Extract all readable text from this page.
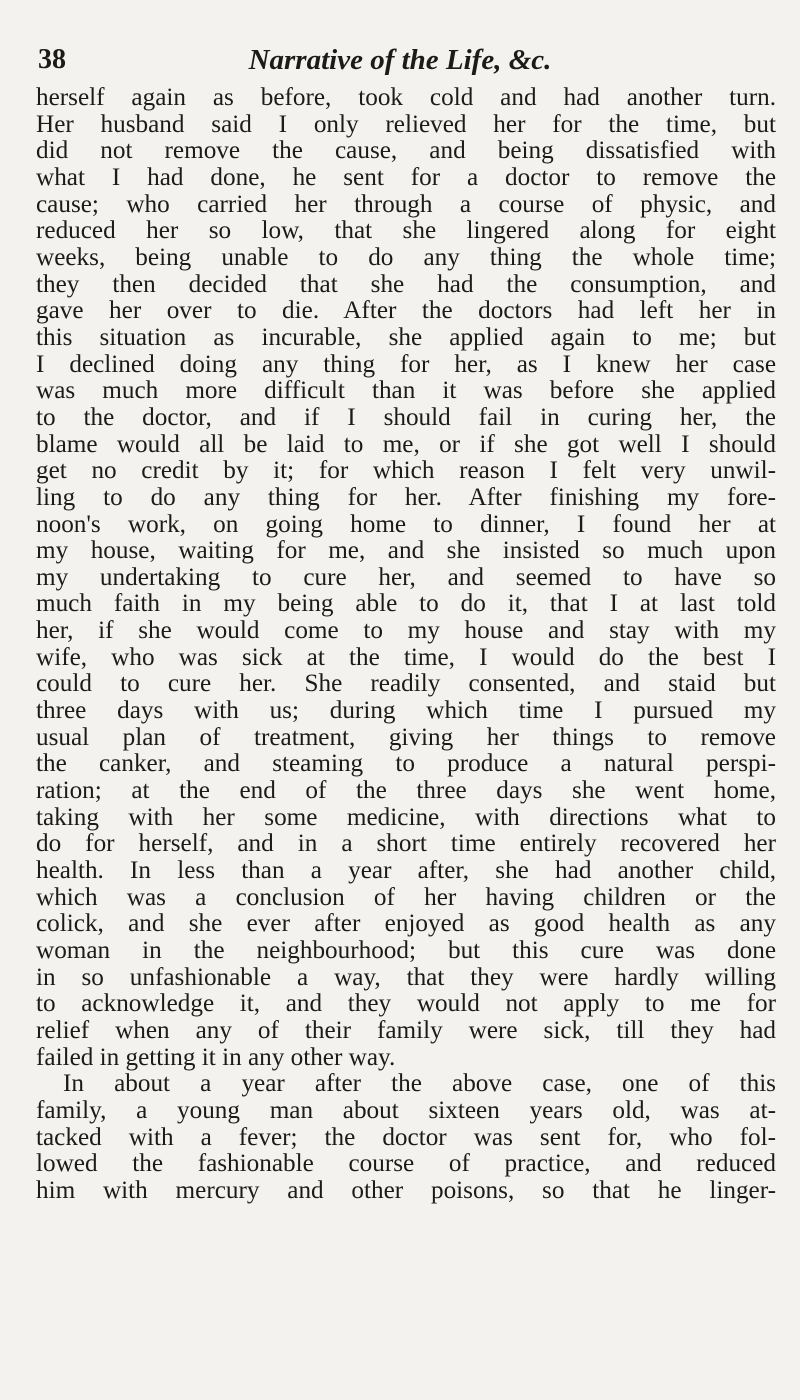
38	Narrative of the Life, &c.
herself again as before, took cold and had another turn.
Her husband said I only relieved her for the time, but
did not remove the cause, and being dissatisfied with
what I had done, he sent for a doctor to remove the
cause; who carried her through a course of physic, and
reduced her so low, that she lingered along for eight
weeks, being unable to do any thing the whole time;
they then decided that she had the consumption, and
gave her over to die. After the doctors had left her in
this situation as incurable, she applied again to me; but
I declined doing any thing for her, as I knew her case
was much more difficult than it was before she applied
to the doctor, and if I should fail in curing her, the
blame would all be laid to me, or if she got well I should
get no credit by it; for which reason I felt very unwil-
ling to do any thing for her. After finishing my fore-
noon's work, on going home to dinner, I found her at
my house, waiting for me, and she insisted so much upon
my undertaking to cure her, and seemed to have so
much faith in my being able to do it, that I at last told
her, if she would come to my house and stay with my
wife, who was sick at the time, I would do the best I
could to cure her. She readily consented, and staid but
three days with us; during which time I pursued my
usual plan of treatment, giving her things to remove
the canker, and steaming to produce a natural perspi-
ration; at the end of the three days she went home,
taking with her some medicine, with directions what to
do for herself, and in a short time entirely recovered her
health. In less than a year after, she had another child,
which was a conclusion of her having children or the
colick, and she ever after enjoyed as good health as any
woman in the neighbourhood; but this cure was done
in so unfashionable a way, that they were hardly willing
to acknowledge it, and they would not apply to me for
relief when any of their family were sick, till they had
failed in getting it in any other way.
In about a year after the above case, one of this
family, a young man about sixteen years old, was at-
tacked with a fever; the doctor was sent for, who fol-
lowed the fashionable course of practice, and reduced
him with mercury and other poisons, so that he linger-
